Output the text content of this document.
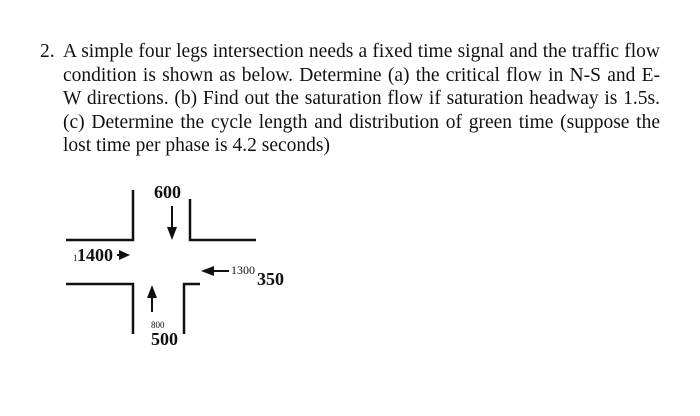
2. A simple four legs intersection needs a fixed time signal and the traffic flow condition is shown as below. Determine (a) the critical flow in N-S and E-W directions. (b) Find out the saturation flow if saturation headway is 1.5s. (c) Determine the cycle length and distribution of green time (suppose the lost time per phase is 4.2 seconds)

600
1 1400
1300 350
800
500
